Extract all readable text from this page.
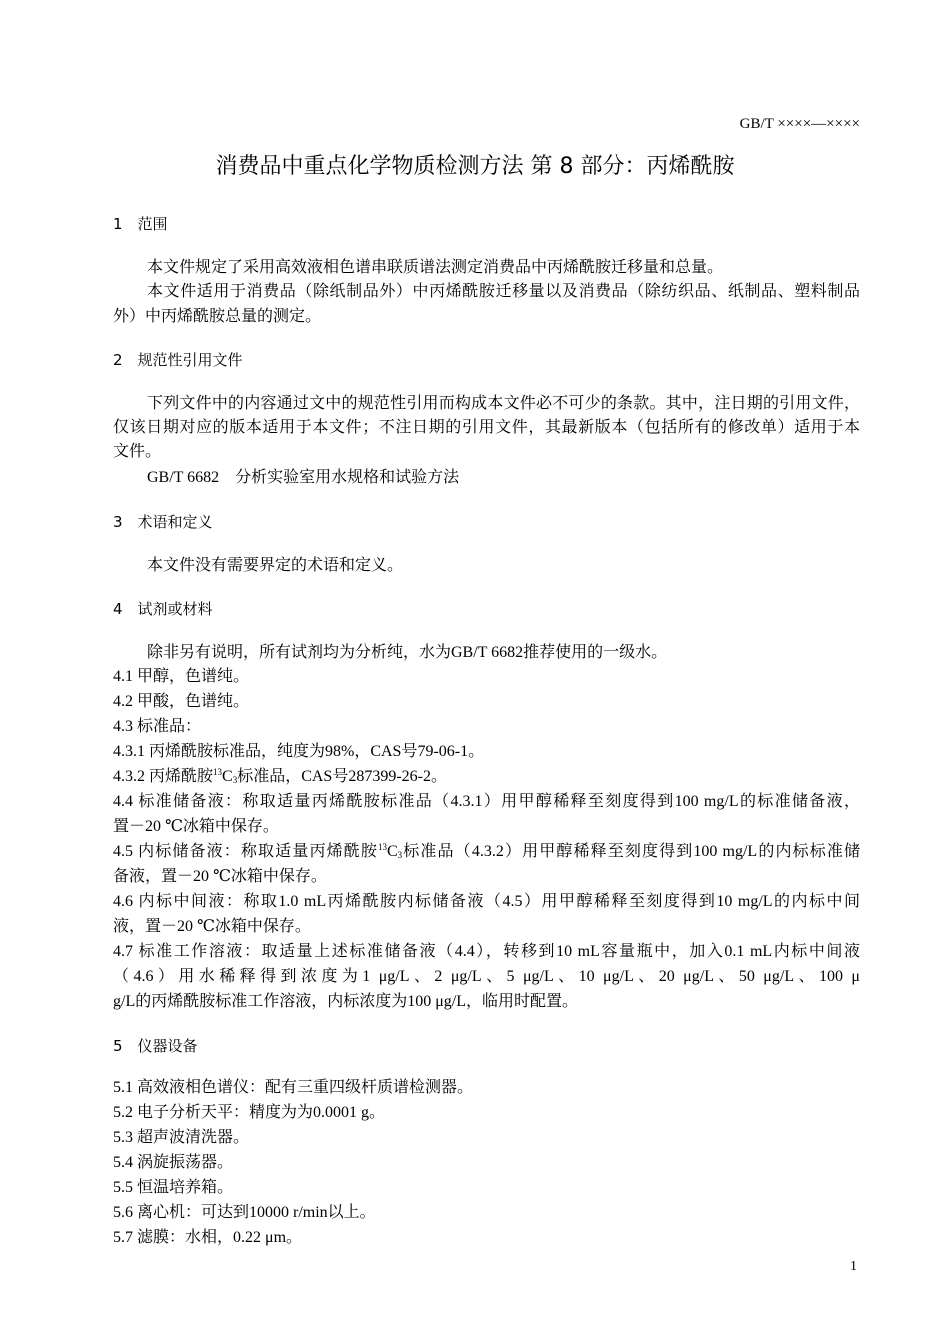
GB/T ××××—××××
消费品中重点化学物质检测方法 第 8 部分：丙烯酰胺
1　范围
本文件规定了采用高效液相色谱串联质谱法测定消费品中丙烯酰胺迁移量和总量。
本文件适用于消费品（除纸制品外）中丙烯酰胺迁移量以及消费品（除纺织品、纸制品、塑料制品
外）中丙烯酰胺总量的测定。
2　规范性引用文件
下列文件中的内容通过文中的规范性引用而构成本文件必不可少的条款。其中，注日期的引用文件，
仅该日期对应的版本适用于本文件；不注日期的引用文件，其最新版本（包括所有的修改单）适用于本
文件。
GB/T 6682　分析实验室用水规格和试验方法
3　术语和定义
本文件没有需要界定的术语和定义。
4　试剂或材料
除非另有说明，所有试剂均为分析纯，水为GB/T 6682推荐使用的一级水。
4.1 甲醇，色谱纯。
4.2 甲酸，色谱纯。
4.3 标准品：
4.3.1 丙烯酰胺标准品，纯度为98%，CAS号79-06-1。
4.3.2 丙烯酰胺$^{13}C_3$标准品，CAS号287399-26-2。
4.4 标准储备液：称取适量丙烯酰胺标准品（4.3.1）用甲醇稀释至刻度得到100 mg/L的标准储备液，
置－20 ℃冰箱中保存。
4.5 内标储备液：称取适量丙烯酰胺$^{13}C_3$标准品（4.3.2）用甲醇稀释至刻度得到100 mg/L的内标标准储
备液，置－20 ℃冰箱中保存。
4.6 内标中间液：称取1.0 mL丙烯酰胺内标储备液（4.5）用甲醇稀释至刻度得到10 mg/L的内标中间
液，置－20 ℃冰箱中保存。
4.7 标准工作溶液：取适量上述标准储备液（4.4），转移到10 mL容量瓶中，加入0.1 mL内标中间液
（4.6）用水稀释得到浓度为1 μg/L、2 μg/L、5 μg/L、10 μg/L、20 μg/L、50 μg/L、100 μ
g/L的丙烯酰胺标准工作溶液，内标浓度为100 μg/L，临用时配置。
5　仪器设备
5.1 高效液相色谱仪：配有三重四级杆质谱检测器。
5.2 电子分析天平：精度为为0.0001 g。
5.3 超声波清洗器。
5.4 涡旋振荡器。
5.5 恒温培养箱。
5.6 离心机：可达到10000 r/min以上。
5.7 滤膜：水相，0.22 μm。
1
